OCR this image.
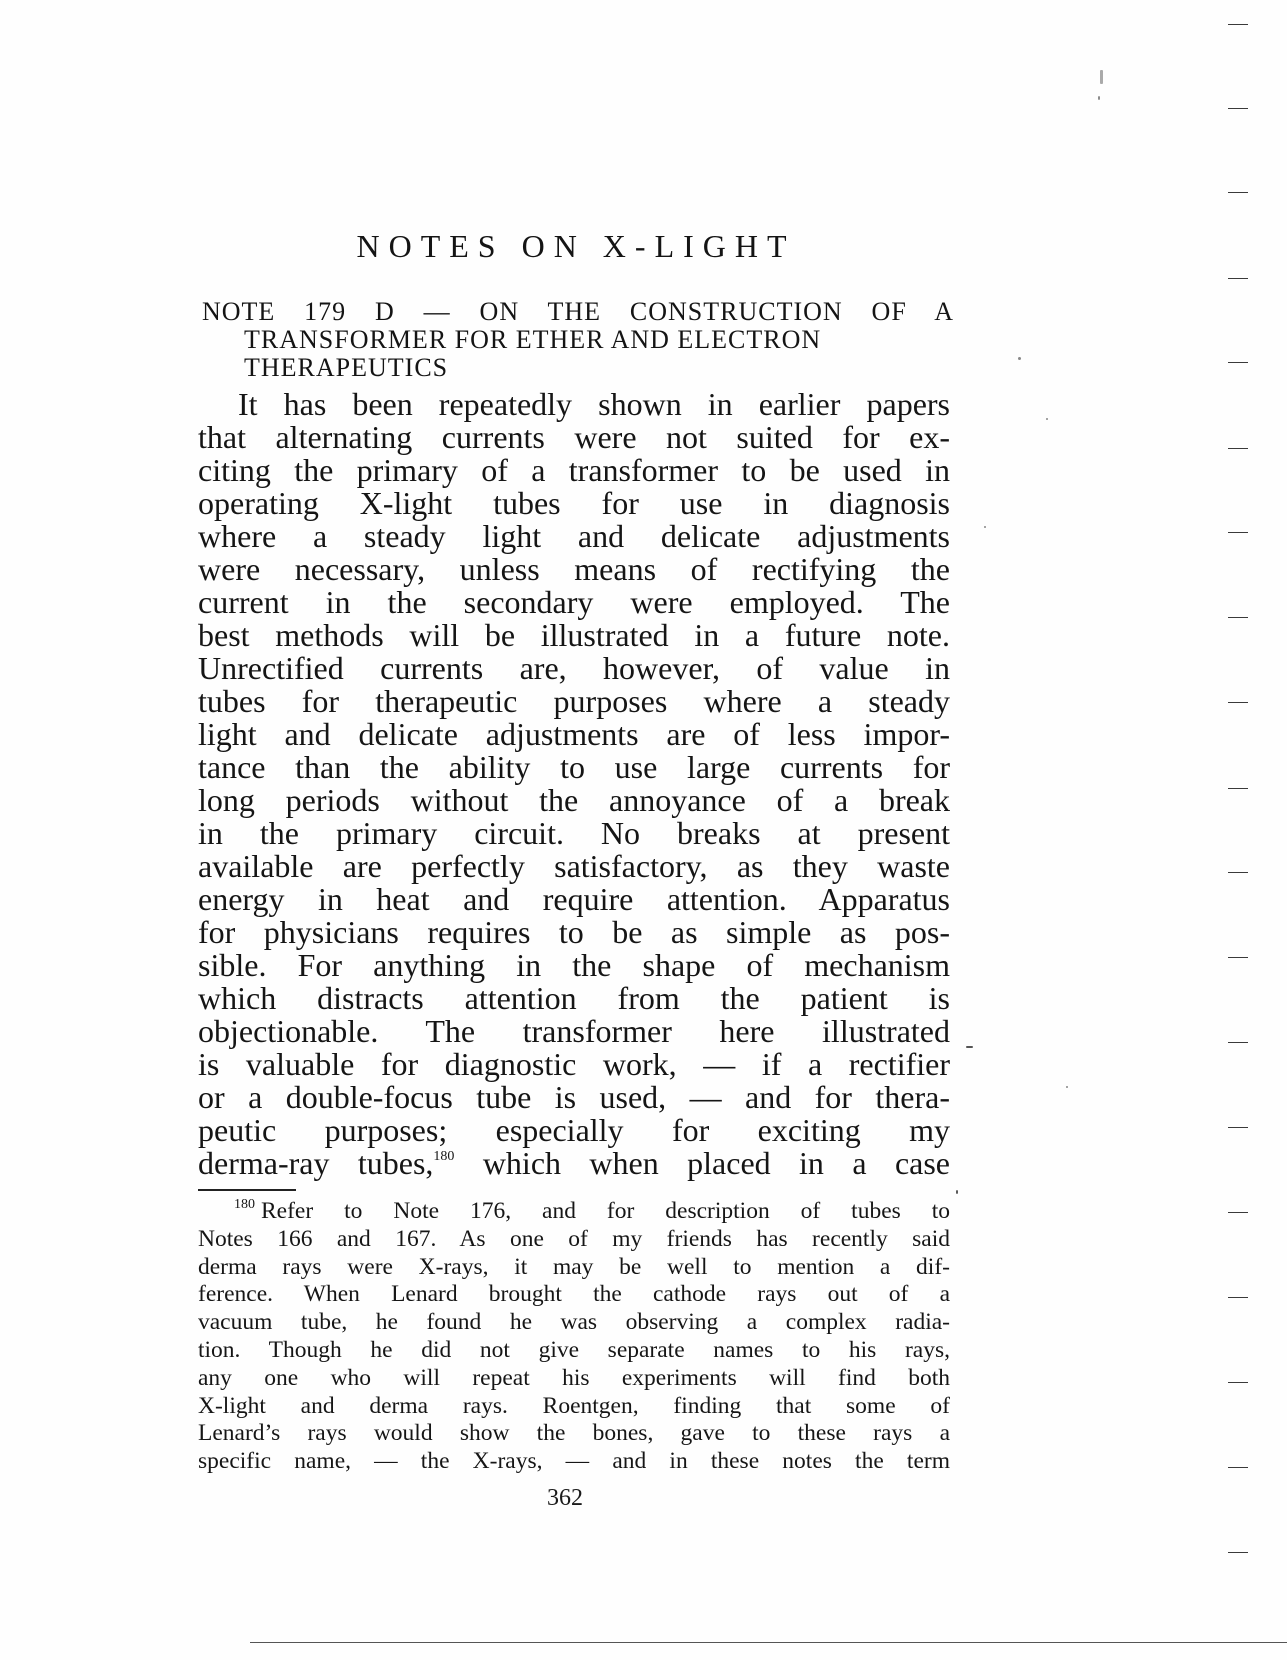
NOTES ON X-LIGHT
NOTE 179 D — ON THE CONSTRUCTION OF A
TRANSFORMER FOR ETHER AND ELECTRON
THERAPEUTICS
It has been repeatedly shown in earlier papers
that alternating currents were not suited for ex-
citing the primary of a transformer to be used in
operating X-light tubes for use in diagnosis
where a steady light and delicate adjustments
were necessary, unless means of rectifying the
current in the secondary were employed. The
best methods will be illustrated in a future note.
Unrectified currents are, however, of value in
tubes for therapeutic purposes where a steady
light and delicate adjustments are of less impor-
tance than the ability to use large currents for
long periods without the annoyance of a break
in the primary circuit. No breaks at present
available are perfectly satisfactory, as they waste
energy in heat and require attention. Apparatus
for physicians requires to be as simple as pos-
sible. For anything in the shape of mechanism
which distracts attention from the patient is
objectionable. The transformer here illustrated
is valuable for diagnostic work, — if a rectifier
or a double-focus tube is used, — and for thera-
peutic purposes; especially for exciting my
derma-ray tubes,$^{180}$ which when placed in a case
$^{180}$ Refer to Note 176, and for description of tubes to
Notes 166 and 167. As one of my friends has recently said
derma rays were X-rays, it may be well to mention a dif-
ference. When Lenard brought the cathode rays out of a
vacuum tube, he found he was observing a complex radia-
tion. Though he did not give separate names to his rays,
any one who will repeat his experiments will find both
X-light and derma rays. Roentgen, finding that some of
Lenard’s rays would show the bones, gave to these rays a
specific name, — the X-rays, — and in these notes the term
362
